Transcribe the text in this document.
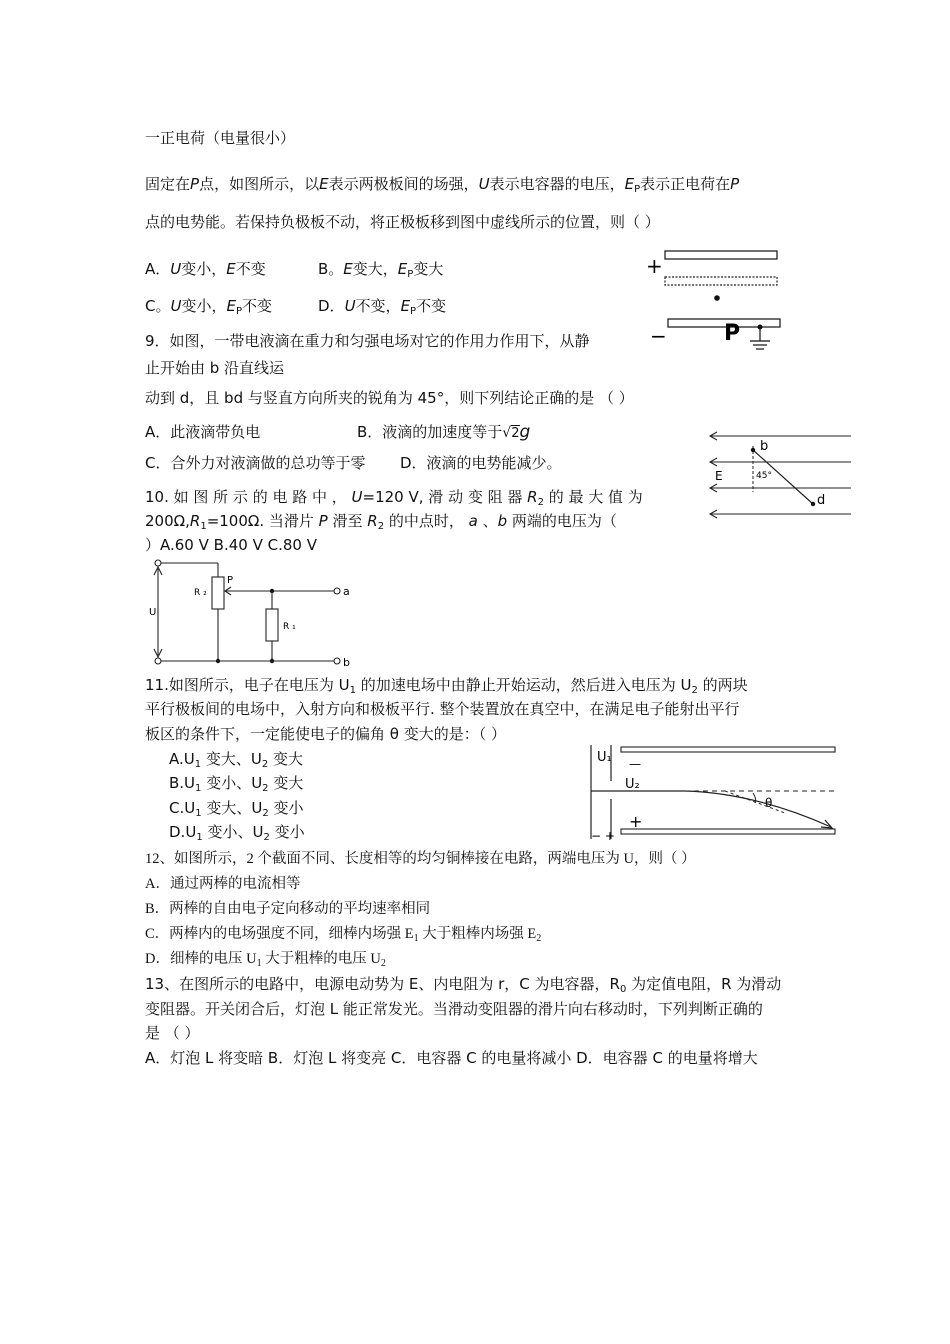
一正电荷（电量很小）
固定在P点，如图所示，以E表示两极板间的场强，U表示电容器的电压，$E_P$表示正电荷在P
点的电势能。若保持负极板不动，将正极板移到图中虚线所示的位置，则（ ）
A．U变小，E不变	B。E变大，$E_P$变大
C。U变小，$E_P$不变	D．U不变，$E_P$不变
+
−	P
9．如图，一带电液滴在重力和匀强电场对它的作用力作用下，从静
止开始由 b 沿直线运
动到 d，且 bd 与竖直方向所夹的锐角为 45°，则下列结论正确的是 （ ）
A．此液滴带负电	B．液滴的加速度等于√2g
C．合外力对液滴做的总功等于零 D．液滴的电势能减少。
b
d
E	45°
10. 如 图 所 示 的 电 路 中 ， U=120 V, 滑 动 变 阻 器 $R_2$ 的 最 大 值 为
$200\Omega,R_1=100\Omega$. 当滑片 P 滑至 $R_2$ 的中点时， a 、b 两端的电压为（
）A.60 V B.40 V C.80 V
U
R ₂
P
a
R ₁
b
11.如图所示，电子在电压为 $U_1$ 的加速电场中由静止开始运动，然后进入电压为 $U_2$ 的两块
平行极板间的电场中，入射方向和极板平行. 整个装置放在真空中，在满足电子能射出平行
板区的条件下，一定能使电子的偏角 θ 变大的是：（ ）
$A.U_1$ 变大、$U_2$ 变大
$B.U_1$ 变小、$U_2$ 变大
$C.U_1$ 变大、$U_2$ 变小
$D.U_1$ 变小、$U_2$ 变小
U₁
− +
—
+
U₂
θ
12、如图所示，2 个截面不同、长度相等的均匀铜棒接在电路，两端电压为 U，则（ ）
A．通过两棒的电流相等
B．两棒的自由电子定向移动的平均速率相同
C．两棒内的电场强度不同，细棒内场强 $E_1$ 大于粗棒内场强 $E_2$
D．细棒的电压 $U_1$ 大于粗棒的电压 $U_2$
13、在图所示的电路中，电源电动势为 E、内电阻为 r，C 为电容器，$R_0$ 为定值电阻，R 为滑动
变阻器。开关闭合后，灯泡 L 能正常发光。当滑动变阻器的滑片向右移动时，下列判断正确的
是 （ ）
A．灯泡 L 将变暗 B．灯泡 L 将变亮 C．电容器 C 的电量将减小 D．电容器 C 的电量将增大
